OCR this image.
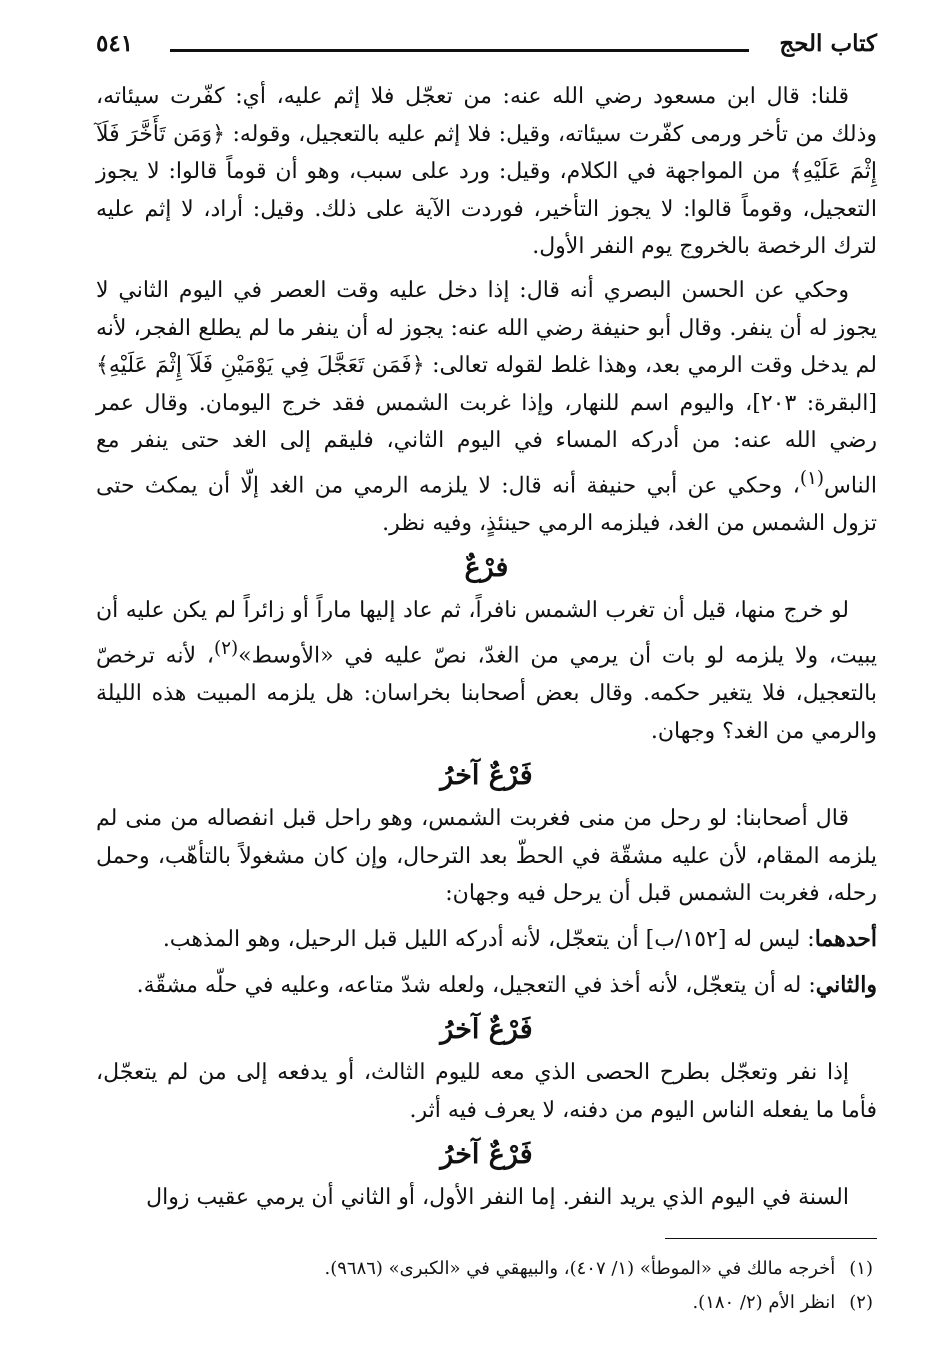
كتاب الحج
٥٤١

قلنا: قال ابن مسعود رضي الله عنه: من تعجّل فلا إثم عليه، أي: كفّرت سيئاته، وذلك من تأخر ورمى كفّرت سيئاته، وقيل: فلا إثم عليه بالتعجيل، وقوله: ﴿وَمَن تَأَخَّرَ فَلَآ إِثْمَ عَلَيْهِ﴾ من المواجهة في الكلام، وقيل: ورد على سبب، وهو أن قوماً قالوا: لا يجوز التعجيل، وقوماً قالوا: لا يجوز التأخير، فوردت الآية على ذلك. وقيل: أراد، لا إثم عليه لترك الرخصة بالخروج يوم النفر الأول.

وحكي عن الحسن البصري أنه قال: إذا دخل عليه وقت العصر في اليوم الثاني لا يجوز له أن ينفر. وقال أبو حنيفة رضي الله عنه: يجوز له أن ينفر ما لم يطلع الفجر، لأنه لم يدخل وقت الرمي بعد، وهذا غلط لقوله تعالى: ﴿فَمَن تَعَجَّلَ فِي يَوْمَيْنِ فَلَآ إِثْمَ عَلَيْهِ﴾ [البقرة: ٢٠٣]، واليوم اسم للنهار، وإذا غربت الشمس فقد خرج اليومان. وقال عمر رضي الله عنه: من أدركه المساء في اليوم الثاني، فليقم إلى الغد حتى ينفر مع الناس$^{(١)}$، وحكي عن أبي حنيفة أنه قال: لا يلزمه الرمي من الغد إلّا أن يمكث حتى تزول الشمس من الغد، فيلزمه الرمي حينئذٍ، وفيه نظر.

فرْعٌ

لو خرج منها، قيل أن تغرب الشمس نافراً، ثم عاد إليها ماراً أو زائراً لم يكن عليه أن يبيت، ولا يلزمه لو بات أن يرمي من الغدّ، نصّ عليه في «الأوسط»$^{(٢)}$، لأنه ترخصّ بالتعجيل، فلا يتغير حكمه. وقال بعض أصحابنا بخراسان: هل يلزمه المبيت هذه الليلة والرمي من الغد؟ وجهان.

فَرْعٌ آخرُ

قال أصحابنا: لو رحل من منى فغربت الشمس، وهو راحل قبل انفصاله من منى لم يلزمه المقام، لأن عليه مشقّة في الحطّ بعد الترحال، وإن كان مشغولاً بالتأهّب، وحمل رحله، فغربت الشمس قبل أن يرحل فيه وجهان:

أحدهما: ليس له [١٥٢/ب] أن يتعجّل، لأنه أدركه الليل قبل الرحيل، وهو المذهب.

والثاني: له أن يتعجّل، لأنه أخذ في التعجيل، ولعله شدّ متاعه، وعليه في حلّه مشقّة.

فَرْعٌ آخرُ

إذا نفر وتعجّل بطرح الحصى الذي معه لليوم الثالث، أو يدفعه إلى من لم يتعجّل، فأما ما يفعله الناس اليوم من دفنه، لا يعرف فيه أثر.

فَرْعٌ آخرُ

السنة في اليوم الذي يريد النفر. إما النفر الأول، أو الثاني أن يرمي عقيب زوال

(١)أخرجه مالك في «الموطأ» (١/ ٤٠٧)، والبيهقي في «الكبرى» (٩٦٨٦).
(٢)انظر الأم (٢/ ١٨٠).
